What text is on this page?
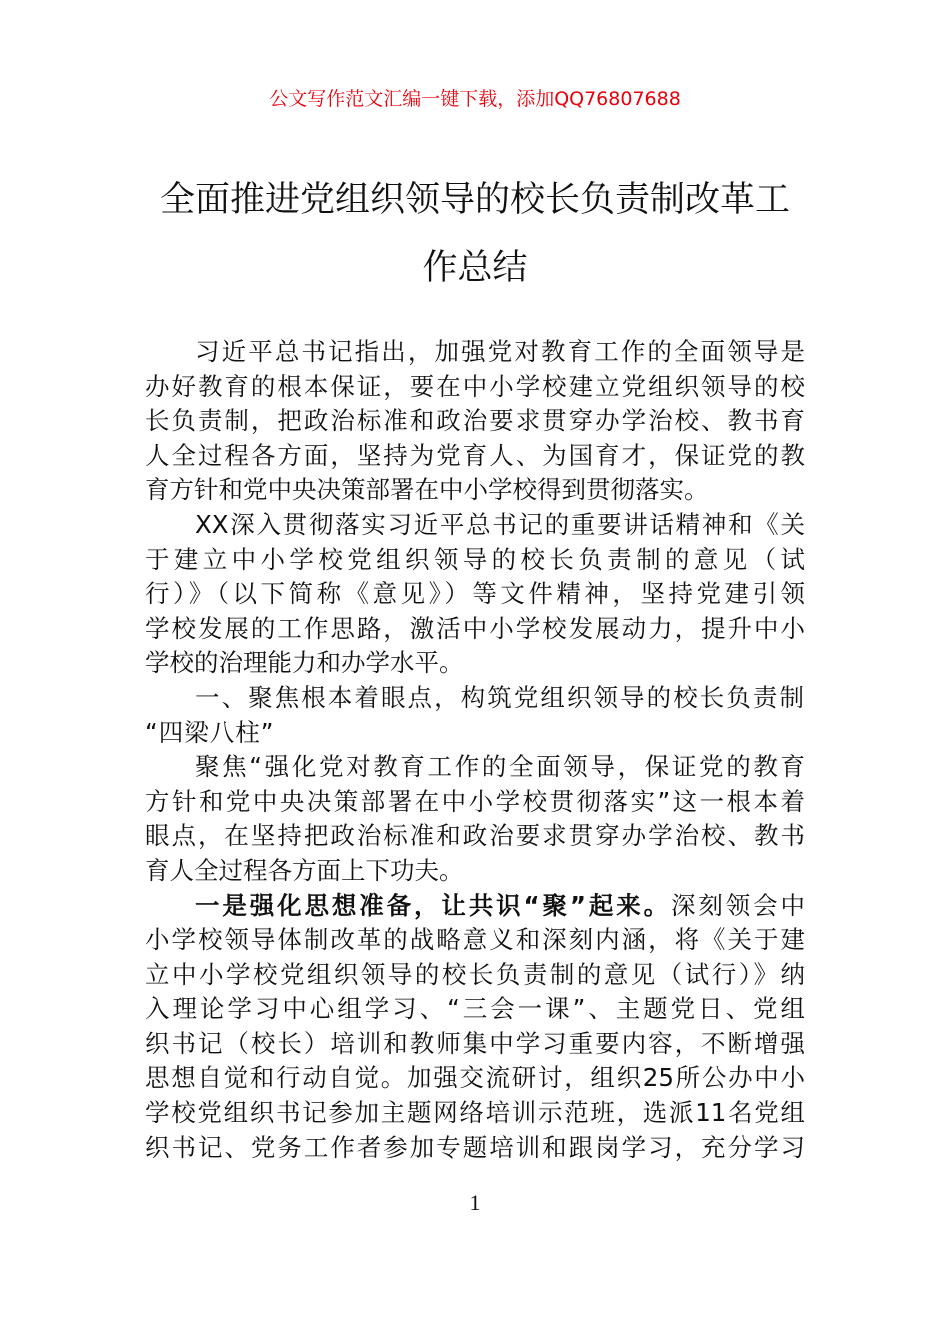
公文写作范文汇编一键下载，添加QQ76807688
全面推进党组织领导的校长负责制改革工
作总结
习近平总书记指出，加强党对教育工作的全面领导是
办好教育的根本保证，要在中小学校建立党组织领导的校
长负责制，把政治标准和政治要求贯穿办学治校、教书育
人全过程各方面，坚持为党育人、为国育才，保证党的教
育方针和党中央决策部署在中小学校得到贯彻落实。
XX深入贯彻落实习近平总书记的重要讲话精神和《关
于建立中小学校党组织领导的校长负责制的意见（试
行）》（以下简称《意见》）等文件精神，坚持党建引领
学校发展的工作思路，激活中小学校发展动力，提升中小
学校的治理能力和办学水平。
一、聚焦根本着眼点，构筑党组织领导的校长负责制
“四梁八柱”
聚焦“强化党对教育工作的全面领导，保证党的教育
方针和党中央决策部署在中小学校贯彻落实”这一根本着
眼点，在坚持把政治标准和政治要求贯穿办学治校、教书
育人全过程各方面上下功夫。
一是强化思想准备，让共识“聚”起来。深刻领会中
小学校领导体制改革的战略意义和深刻内涵，将《关于建
立中小学校党组织领导的校长负责制的意见（试行）》纳
入理论学习中心组学习、“三会一课”、主题党日、党组
织书记（校长）培训和教师集中学习重要内容，不断增强
思想自觉和行动自觉。加强交流研讨，组织25所公办中小
学校党组织书记参加主题网络培训示范班，选派11名党组
织书记、党务工作者参加专题培训和跟岗学习，充分学习
1
